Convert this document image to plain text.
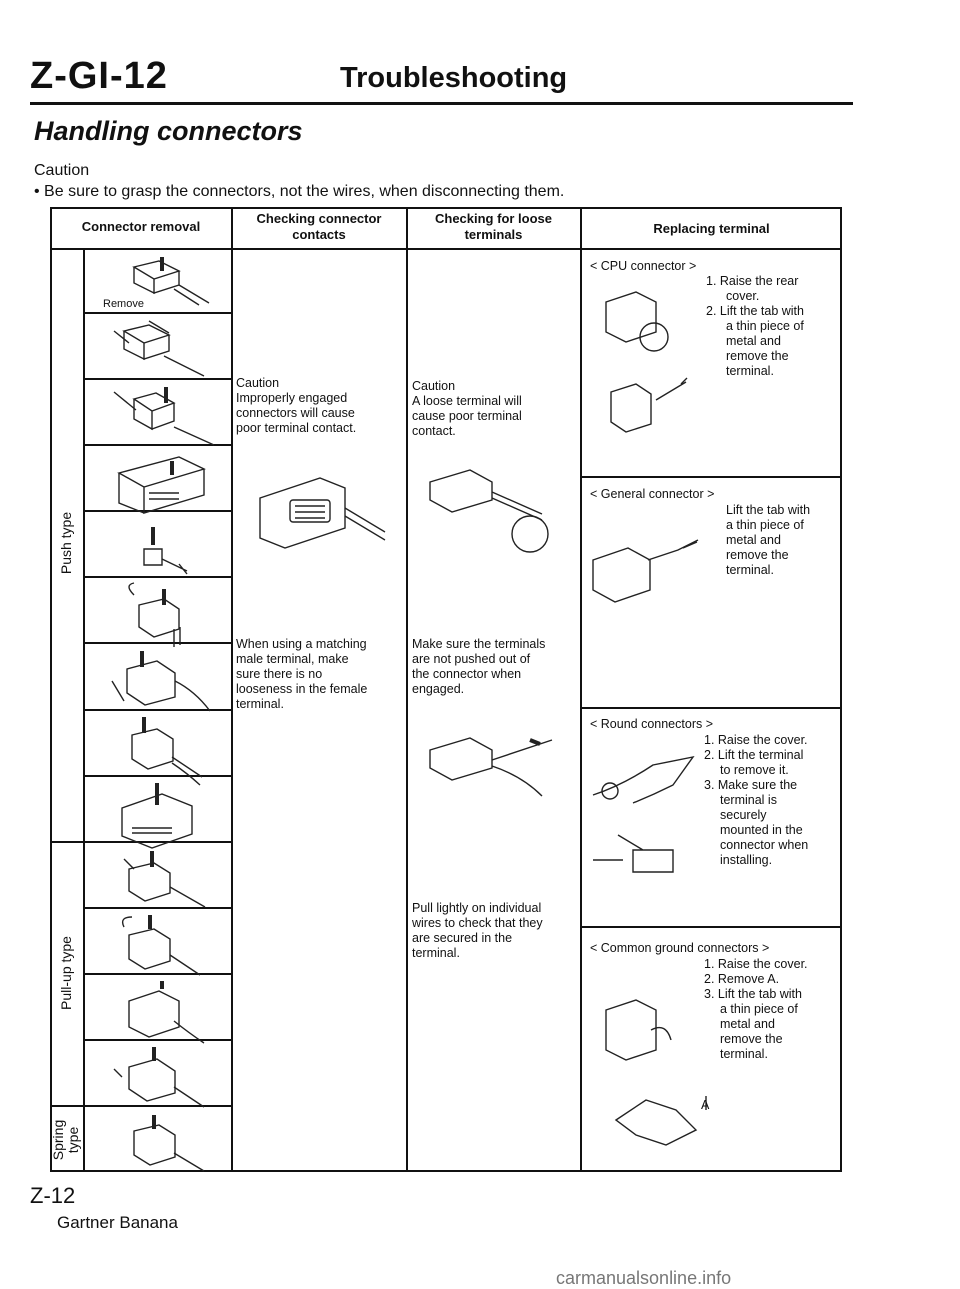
Z-GI-12	Troubleshooting
Handling connectors
Caution
• Be sure to grasp the connectors, not the wires, when disconnecting them.
Connector removal
Checking connector
contacts
Checking for loose
terminals	Replacing terminal
Push type
Pull-up type
Spring type
Remove
Caution
Improperly engaged
connectors will cause
poor terminal contact.
When using a matching
male terminal, make
sure there is no
looseness in the female
terminal.
Caution
A loose terminal will
cause poor terminal
contact.
Make sure the terminals
are not pushed out of
the connector when
engaged.
Pull lightly on individual
wires to check that they
are secured in the
terminal.
< CPU connector >
1. Raise the rear
cover.
2. Lift the tab with
a thin piece of
metal and
remove the
terminal.
< General connector >
Lift the tab with
a thin piece of
metal and
remove the
terminal.
< Round connectors >
1. Raise the cover.
2. Lift the terminal
to remove it.
3. Make sure the
terminal is
securely
mounted in the
connector when
installing.
< Common ground connectors >
1. Raise the cover.
2. Remove A.
3. Lift the tab with
a thin piece of
metal and
remove the
terminal.
A
Z-12
Gartner Banana
carmanualsonline.info
